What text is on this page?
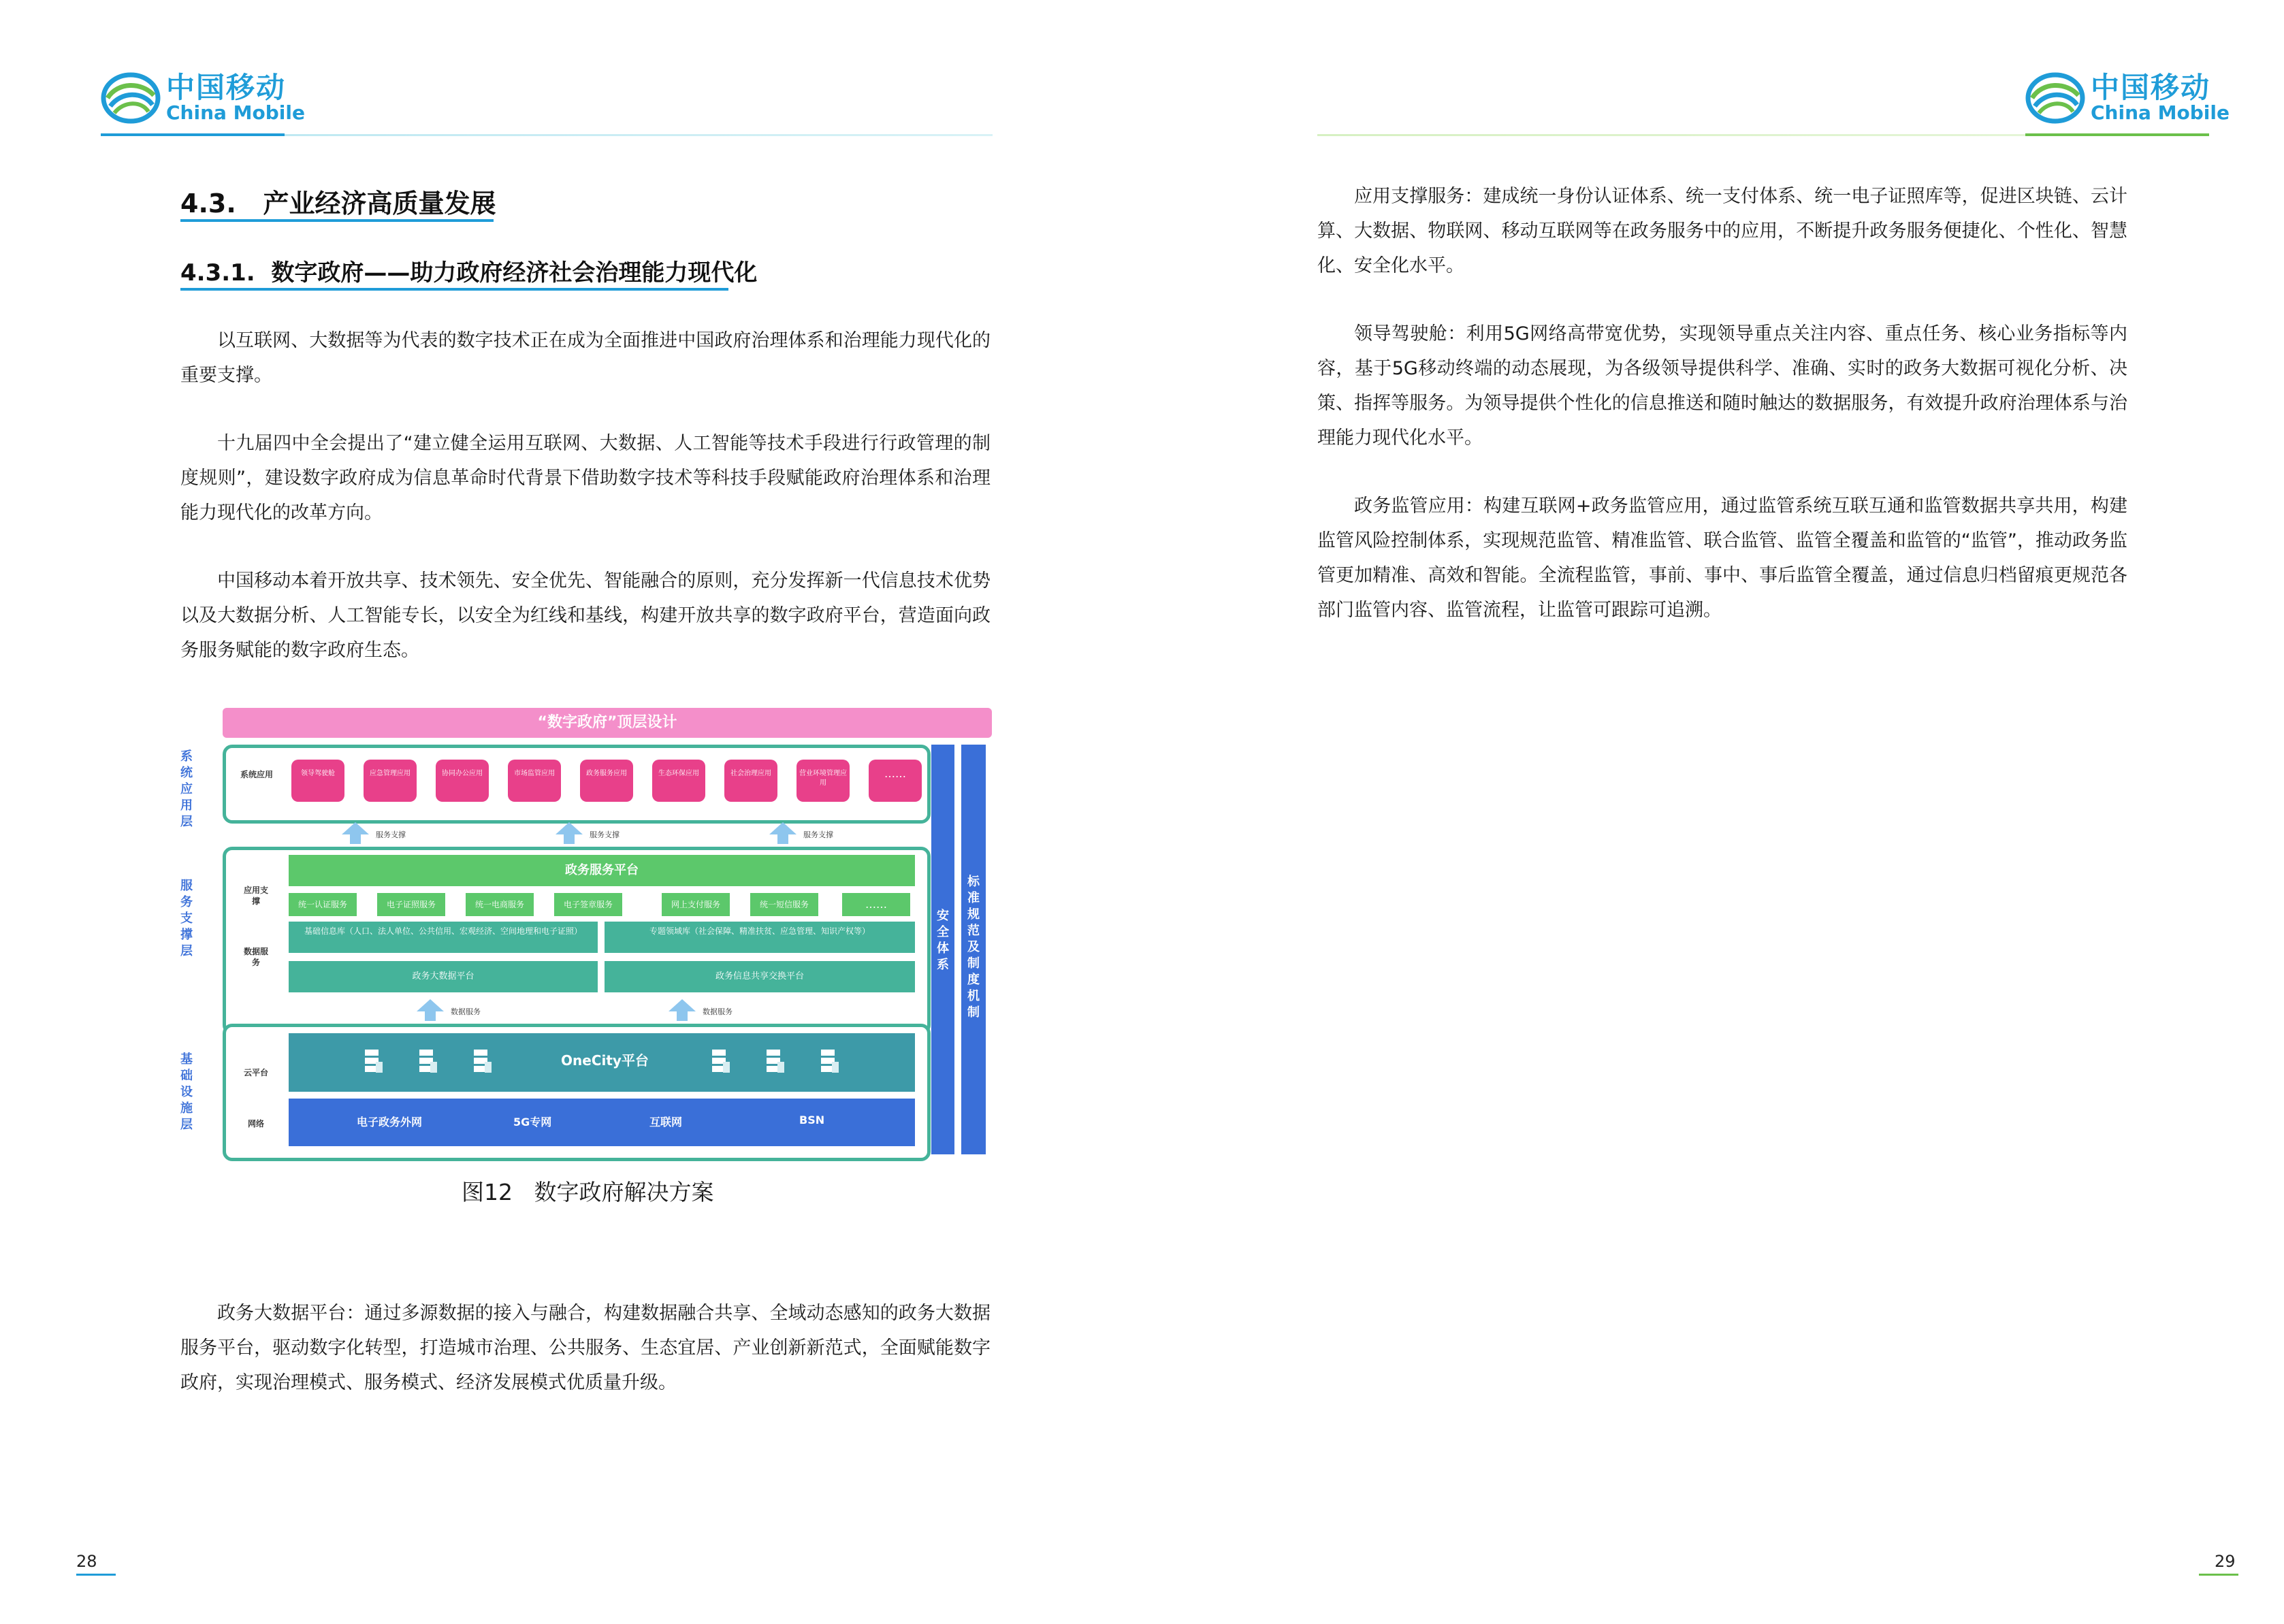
中国移动
China Mobile
4.3.   产业经济高质量发展
4.3.1.  数字政府——助力政府经济社会治理能力现代化
以互联网、大数据等为代表的数字技术正在成为全面推进中国政府治理体系和治理能力现代化的重要支撑。
十九届四中全会提出了“建立健全运用互联网、大数据、人工智能等技术手段进行行政管理的制度规则”，建设数字政府成为信息革命时代背景下借助数字技术等科技手段赋能政府治理体系和治理能力现代化的改革方向。
中国移动本着开放共享、技术领先、安全优先、智能融合的原则，充分发挥新一代信息技术优势以及大数据分析、人工智能专长，以安全为红线和基线，构建开放共享的数字政府平台，营造面向政务服务赋能的数字政府生态。
“数字政府”顶层设计
系统应用层
服务支撑层
基础设施层
系统应用	领导驾驶舱	应急管理应用	协同办公应用	市场监管应用	政务服务应用	生态环保应用	社会治理应用	营业环境管理应用
……
服务支撑	服务支撑	服务支撑
应用支撑
政务服务平台
统一认证服务	电子证照服务	统一电商服务	电子签章服务	网上支付服务	统一短信服务	……
数据服务
基础信息库（人口、法人单位、公共信用、宏观经济、空间地理和电子证照）	专题领域库（社会保障、精准扶贫、应急管理、知识产权等）
政务大数据平台	政务信息共享交换平台
数据服务	数据服务
云平台
OneCity平台
网络	电子政务外网	5G专网	互联网	BSN
安全体系
标准规范及制度机制
图12   数字政府解决方案
政务大数据平台：通过多源数据的接入与融合，构建数据融合共享、全域动态感知的政务大数据服务平台，驱动数字化转型，打造城市治理、公共服务、生态宜居、产业创新新范式，全面赋能数字政府，实现治理模式、服务模式、经济发展模式优质量升级。
28
中国移动
China Mobile
应用支撑服务：建成统一身份认证体系、统一支付体系、统一电子证照库等，促进区块链、云计算、大数据、物联网、移动互联网等在政务服务中的应用，不断提升政务服务便捷化、个性化、智慧化、安全化水平。
领导驾驶舱：利用5G网络高带宽优势，实现领导重点关注内容、重点任务、核心业务指标等内容，基于5G移动终端的动态展现，为各级领导提供科学、准确、实时的政务大数据可视化分析、决策、指挥等服务。为领导提供个性化的信息推送和随时触达的数据服务，有效提升政府治理体系与治理能力现代化水平。
政务监管应用：构建互联网+政务监管应用，通过监管系统互联互通和监管数据共享共用，构建监管风险控制体系，实现规范监管、精准监管、联合监管、监管全覆盖和监管的“监管”，推动政务监管更加精准、高效和智能。全流程监管，事前、事中、事后监管全覆盖，通过信息归档留痕更规范各部门监管内容、监管流程，让监管可跟踪可追溯。
29
